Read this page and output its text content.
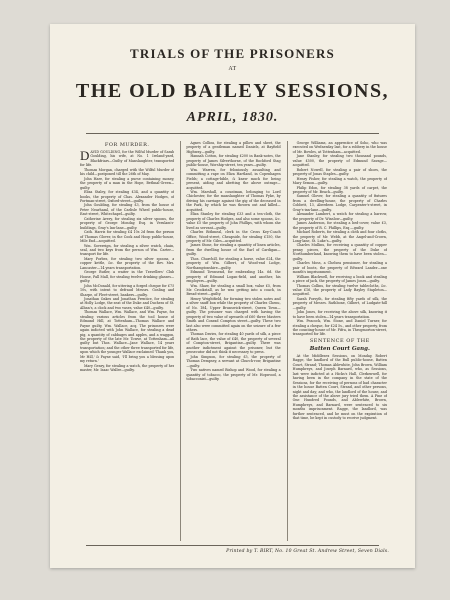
TRIALS OF THE PRISONERS
AT
THE OLD BAILEY SESSIONS,
APRIL, 1830.
FOR MURDER.

DAVID GOULDING, for the Wilful Murder of Sarah Goulding, his wife, at No. 1 Ireland-yard, Blackfriars—Guilty of Manslaughter, transported for life.

Thomas Morgan, charged with the Wilful Murder of his child—postponed till the 26th of May.

John Hare, for stealing a purse containing money, the property of a man in the Hope, Bethnal-Green—guilty.

Eliza Staley, for stealing £34, and a quantity of books, the property of Chas. Alexander Hodges, of Portman-street, Oxford-street—guilty.

John Goulding, for stealing £3, from the house of Peter Nearhaml, of the Carlisle Wheel public-house, East-street, Whitechapel—guilty.

Catherine Avery, for stealing six silver spoons, the property of George Monday, Esq. in Verulam's-buildings, Gray's Inn-lane—guilty.

Cath. Harris for stealing £4 10s 2d from the person of Thomas Glover, in the Cook and Hoop public-house, Mile End—acquitted.

Wm. Sovereign, for stealing a silver watch, chain, seal, and two keys from the person of Wm. Carter—transport for life.

Mary Forbes, for stealing two silver spoons, a copper kettle, &c. the property of the Rev. Mrs. Lancaster—14 years transportation.

George Butler, a waiter in the Travellers' Club House, Pall Mall, for stealing twelve drinking glasses—guilty.

John McDonald, for uttering a forged cheque for £75 10s, with intent to defraud Messrs. Gosling and Sharpe, of Fleet-street, bankers—guilty.

Jonathan Oakes and Jonathan Prentice, for stealing at Holly Lodge, the seat of the Duke and Duchess of St. Alban's, a clock and two vases, value £40—guilty.

Thomas Wallace, Wm. Wallace, and Wm. Payne, for stealing various articles from the tool house of Edmund Hill, at Tottenham—Thomas Wallace and Payne guilty, Wm. Wallace, acq. The prisoners were again indicted with John Wallace, for stealing a dead pig, a quantity of cabbages and apples, and a waggon, the property of the late Mr. Towse, at Tottenham—all guilty but Thos. Wallace—Jane Wallace, 14 years transportation; and the other three transported for life, upon which the younger Wallace exclaimed 'Thank you, Mr Hill,' & Payne said, 'I'll bring you a blessing upon my return.'

Mary Genry, for stealing a watch, the property of her master, Mr. Isaac Waller—guilty.

Agnes Collins, for stealing a pillow and sheet, the property of a gentleman named Daniels, at Bayfield Highway—guilty.

Hannah Cotton, for stealing £200 in Bank-notes, the property of James Silverthorne, of the Rochford Stag public-house, Worship-street, ten years—guilty.

Wm. Warren, for feloniously assaulting and committing a rape on Eliza Hartland, in Copenhagen Fields; a cottage-bible, & knew much for being present, aiding and abetting the above outrage—acquitted.

Wm. Marshall, a countman, belonging to Lord Chichester, for the manslaughter of Thomas Pyke, by driving his carriage against the gig of the deceased in the Park, by which he was thrown out and killed—acquitted.

Eliza Stanley for stealing £33 and a ten-cloth, the property of Charles Hodges, and also some spoons, &c. value £5 the property of John Phillips, with whom she lived as servant—guilty.

Charles Bithmeal, clerk in the Cross Key-Coach Office, Wood-street, Cheapside, for stealing £150, the property of Mr. Giles—acquitted.

James Stone, for stealing a quantity of linen articles, from the dwelling house of the Earl of Cardigan—guilty.

Thos. Churchill, for stealing a horse, value £24, the property of Wm. Gilbert, of Wood-end Lodge, Northamptonshire—guilty.

Edmund Townsend, for embezzling 14s. 6d. the property of Edmund Logan-field, and another, his employers—guilty.

Wm. Shaw, for stealing a small box, value £5, from Mr. Crookstall, as he was getting into a coach, in Bread-street—guilty.

Henry Wrightfield, for forming two stolen notes and a silver snuff box while the property of Charles Chenu, of No. 184, Upper Brunswick-street, Queen Town—guilty. The prisoner was charged with having the property of two value of upwards of £60 three Masters Smith and Conrad Compton street—guilty. These two last also were committed again on the seizure of a few others.

Thomas Davies, for stealing 40 yards of silk, a piece of Bath lace, the value of £40, the property of several of Compton-street, Brigantine—guilty. There was another indictment against the prisoner, but the prosecutor did not think it necessary to press.

John Simpson, for stealing £5, the property of Thomas Dempsey, a servant at Church-row, Brigantine—guilty.

Two natives named Bishop and Wood, for stealing a quantity of tobacco, the property of Mr. Hopwood, a tobacconist—guilty.

George Williams, an apprentice of Soho, who was executed on Wednesday last, for a robbery in the house of Mr. Bowles, at Tottenham—acquitted.

Jane Stanley, for stealing two thousand pounds, value £500, the property of Edmund Savage—acquitted.

Robert Nowell, for stealing a pair of shoes, the property of Jonas Staples—guilty.

Henry Fisher, for stealing a watch, the property of Mary Semon—guilty.

Philip Edon, for stealing 38 yards of carpet, the property of Mr. Beach—guilty.

Samuel Glover, for stealing a quantity of fixtures from a dwelling-house, the property of Charles Cobbett, 13, Aberdeen Lodge, Carpenter's-street, in Gray's-inn-lane—guilty.

Alexander Lambert, a watch for stealing a barrow, the property of Dr. Winslow—guilty.

James Anderson, for stealing a bed-cover, value £3, the property of R. C. Phillips, Esq.—guilty.

Michael Roberts, for stealing a cloth and four cloths, the property of Mr. Webb, at the Angel-and-Crown, Long-lane, St. Luke's—guilty.

Charles Mullins, for receiving a quantity of copper penny pieces, the property of the Duke of Northumberland, knowing them to have been stolen—guilty.

Charles Moss, a Chelsea pensioner, for stealing a pair of boots, the property of Edward Lander—one month's imprisonment.

William Blackwell, for receiving a book and stealing a piece of jack, the property of James Jones—guilty.

Thomas Collins, for stealing twelve tablecloths, &c. value £16, the property of Lady Bayley Stapleton—acquitted.

Sarah Forsyth, for stealing fifty yards of silk, the property of Messrs. Rathbone, Gilbert, of Ludgate-hill—guilty.

John Jones, for receiving the above silk, knowing it to have been stolen—14 years transportation.

Wm. Peacock, Wm. Stone, and Daniel Turner, for stealing a cheque, for £24 5s., and other property, from the counting-house of Mr. Fifra, in Throgmorton-street, transported for life.

SENTENCE OF THE
Batten Court Gang.

At the Middlesex Sessions, on Monday, Robert Ragge, the landlord of the Bull public-house, Batten Court, Strand; Thomas Ablewhite, John Brown, William Humphreys, and Joseph Barnard, who, as Sessions, last were indicted at a Hicks's Hall, Clerkenwell, for having been in the company in the state of the Sessions, for the receiving of persons of bad character in the house Batten Court, Strand, and other persons, night and day; and who, the landlord of the house, and the assistance of the above jury tried them. A Fine of One Hundred Pounds, and Ablewhite, Brown, Humphreys, and Barnard, were sentenced to six months imprisonment. Ragge, the landlord, was further sentenced, and he must on the expiration of that time, be kept in custody to receive judgment.

Printed by T. BIRT, No. 10 Great St. Andrew Street, Seven Dials.
